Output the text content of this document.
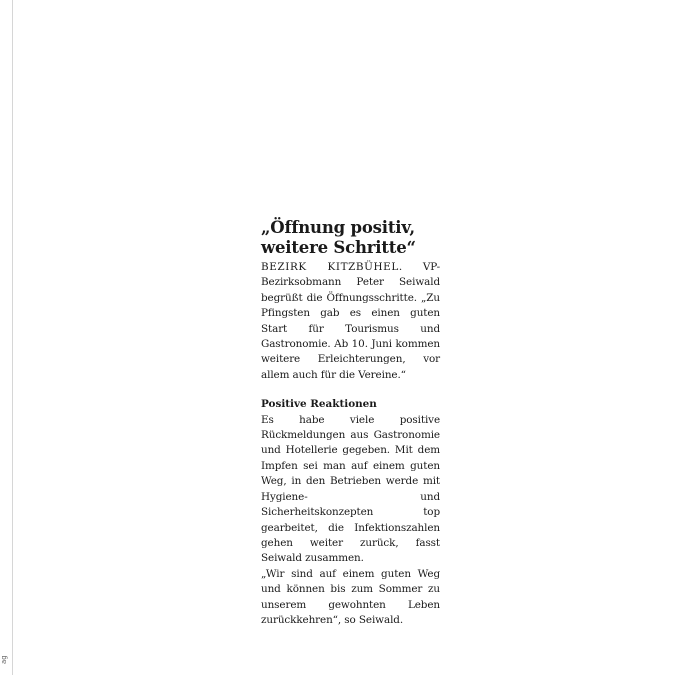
ag
„Öffnung positiv,
weitere Schritte“

BEZIRK KITZBÜHEL. VP-Bezirksobmann Peter Seiwald begrüßt die Öffnungsschritte. „Zu Pfingsten gab es einen guten Start für Tourismus und Gastronomie. Ab 10. Juni kommen weitere Erleichterungen, vor allem auch für die Vereine.“

Positive Reaktionen

Es habe viele positive Rückmeldungen aus Gastronomie und Hotellerie gegeben. Mit dem Impfen sei man auf einem guten Weg, in den Betrieben werde mit Hygiene- und Sicherheitskonzepten top gearbeitet, die Infektionszahlen gehen weiter zurück, fasst Seiwald zusammen.

„Wir sind auf einem guten Weg und können bis zum Sommer zu unserem gewohnten Leben zurückkehren“, so Seiwald.
